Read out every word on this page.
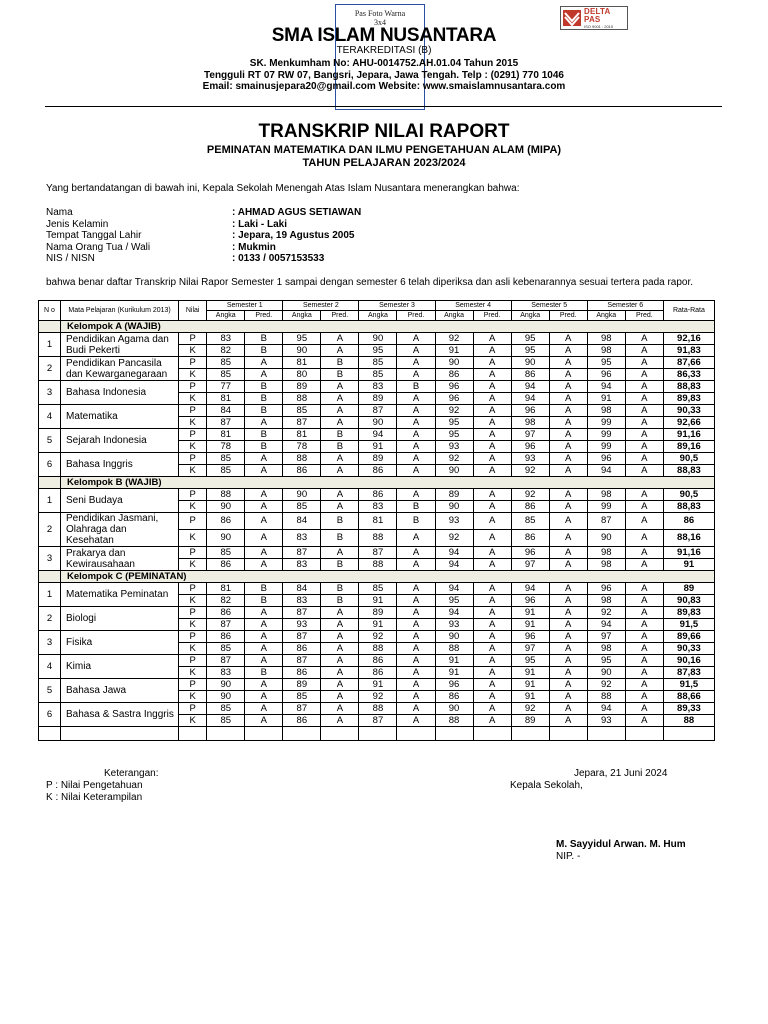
Pas Foto Warna
3x4
DELTA PAS
ISO 9001 : 2015
SMA ISLAM NUSANTARA
TERAKREDITASI (B)
SK. Menkumham No: AHU-0014752.AH.01.04 Tahun 2015
Tengguli RT 07 RW 07, Bangsri, Jepara, Jawa Tengah. Telp : (0291) 770 1046
Email: smainusjepara20@gmail.com Website: www.smaislamnusantara.com
TRANSKRIP NILAI RAPORT
PEMINATAN MATEMATIKA DAN ILMU PENGETAHUAN ALAM (MIPA)
TAHUN PELAJARAN 2023/2024
Yang bertandatangan di bawah ini, Kepala Sekolah Menengah Atas Islam Nusantara menerangkan bahwa:
Nama	: AHMAD AGUS SETIAWAN
Jenis Kelamin	: Laki - Laki
Tempat Tanggal Lahir	: Jepara, 19 Agustus 2005
Nama Orang Tua / Wali	: Mukmin
NIS / NISN	: 0133 / 0057153533
bahwa benar daftar Transkrip Nilai Rapor Semester 1 sampai dengan semester 6 telah diperiksa dan asli kebenarannya sesuai tertera pada rapor.
N o	Mata Pelajaran (Kurikulum 2013)	Nilai	Semester 1		Semester 2		Semester 3		Semester 4		Semester 5		Semester 6		Rata-Rata
			Angka	Pred.	Angka	Pred.	Angka	Pred.	Angka	Pred.	Angka	Pred.	Angka	Pred.	
	Kelompok A (WAJIB)														
1	Pendidikan Agama dan Budi Pekerti	P	83	B	95	A	90	A	92	A	95	A	98	A	92,16
		K	82	B	90	A	95	A	91	A	95	A	98	A	91,83
2	Pendidikan Pancasila dan Kewarganegaraan	P	85	A	81	B	85	A	90	A	90	A	95	A	87,66
		K	85	A	80	B	85	A	86	A	86	A	96	A	86,33
3	Bahasa Indonesia	P	77	B	89	A	83	B	96	A	94	A	94	A	88,83
		K	81	B	88	A	89	A	96	A	94	A	91	A	89,83
4	Matematika	P	84	B	85	A	87	A	92	A	96	A	98	A	90,33
		K	87	A	87	A	90	A	95	A	98	A	99	A	92,66
5	Sejarah Indonesia	P	81	B	81	B	94	A	95	A	97	A	99	A	91,16
		K	78	B	78	B	91	A	93	A	96	A	99	A	89,16
6	Bahasa Inggris	P	85	A	88	A	89	A	92	A	93	A	96	A	90,5
		K	85	A	86	A	86	A	90	A	92	A	94	A	88,83
	Kelompok B (WAJIB)														
1	Seni Budaya	P	88	A	90	A	86	A	89	A	92	A	98	A	90,5
		K	90	A	85	A	83	B	90	A	86	A	99	A	88,83
2	Pendidikan Jasmani, Olahraga dan Kesehatan	P	86	A	84	B	81	B	93	A	85	A	87	A	86
		K	90	A	83	B	88	A	92	A	86	A	90	A	88,16
3	Prakarya dan Kewirausahaan	P	85	A	87	A	87	A	94	A	96	A	98	A	91,16
		K	86	A	83	B	88	A	94	A	97	A	98	A	91
	Kelompok C (PEMINATAN)														
1	Matematika Peminatan	P	81	B	84	B	85	A	94	A	94	A	96	A	89
		K	82	B	83	B	91	A	95	A	96	A	98	A	90,83
2	Biologi	P	86	A	87	A	89	A	94	A	91	A	92	A	89,83
		K	87	A	93	A	91	A	93	A	91	A	94	A	91,5
3	Fisika	P	86	A	87	A	92	A	90	A	96	A	97	A	89,66
		K	85	A	86	A	88	A	88	A	97	A	98	A	90,33
4	Kimia	P	87	A	87	A	86	A	91	A	95	A	95	A	90,16
		K	83	B	86	A	86	A	91	A	91	A	90	A	87,83
5	Bahasa Jawa	P	90	A	89	A	91	A	96	A	91	A	92	A	91,5
		K	90	A	85	A	92	A	86	A	91	A	88	A	88,66
6	Bahasa & Sastra Inggris	P	85	A	87	A	88	A	90	A	92	A	94	A	89,33
		K	85	A	86	A	87	A	88	A	89	A	93	A	88

Keterangan:
P : Nilai Pengetahuan
K : Nilai Keterampilan
Jepara, 21 Juni 2024
Kepala Sekolah,
M. Sayyidul Arwan. M. Hum
NIP. -
